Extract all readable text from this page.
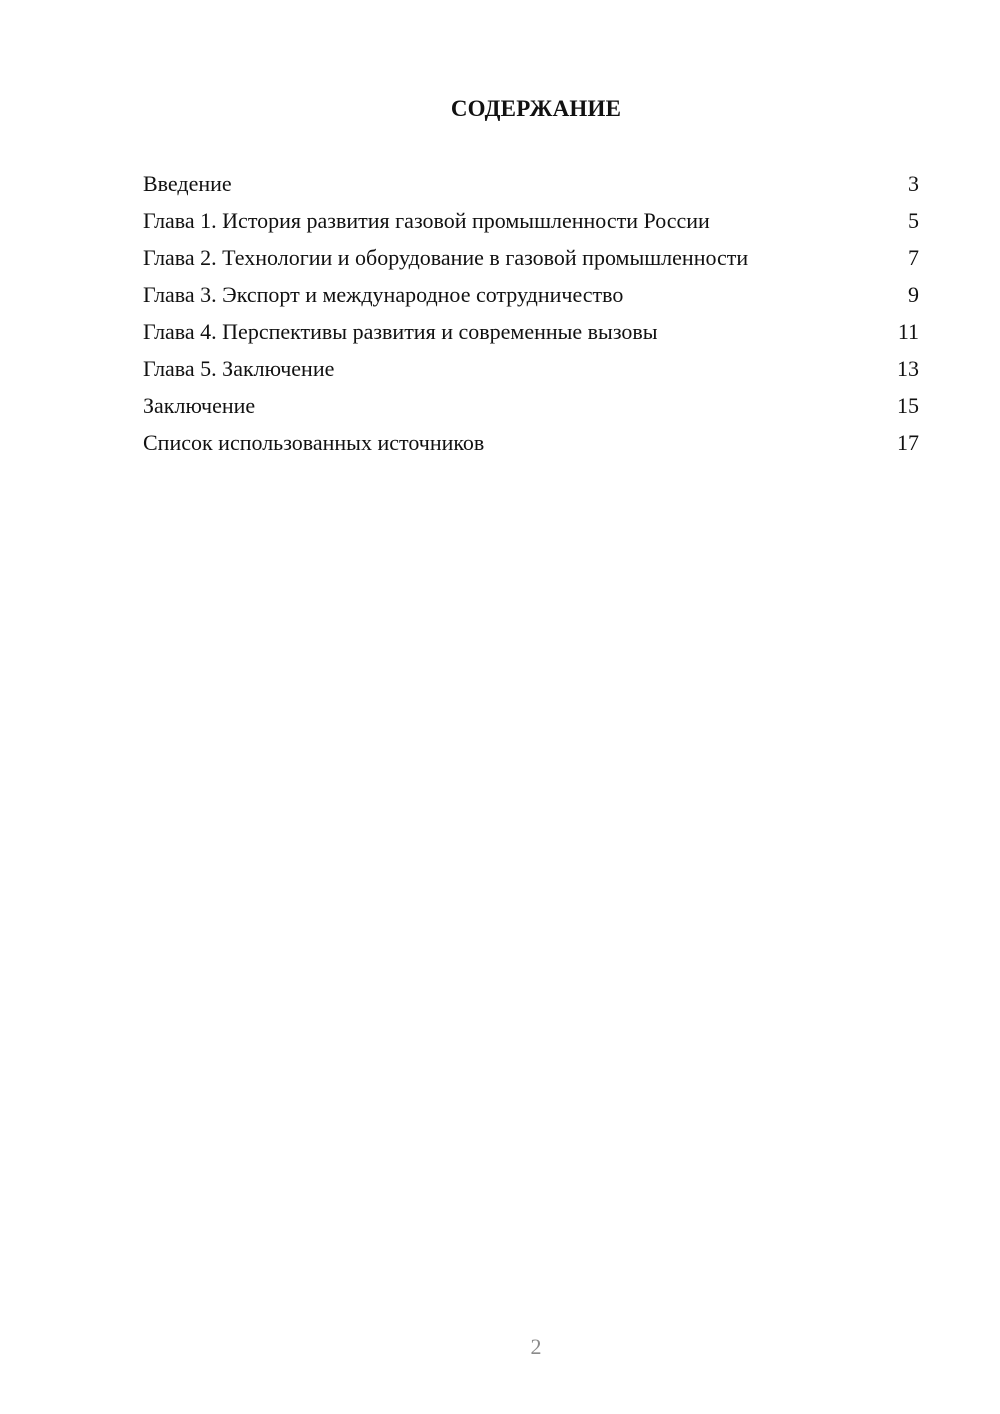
СОДЕРЖАНИЕ
Введение	3
Глава 1. История развития газовой промышленности России	5
Глава 2. Технологии и оборудование в газовой промышленности	7
Глава 3. Экспорт и международное сотрудничество	9
Глава 4. Перспективы развития и современные вызовы	11
Глава 5. Заключение	13
Заключение	15
Список использованных источников	17
2
